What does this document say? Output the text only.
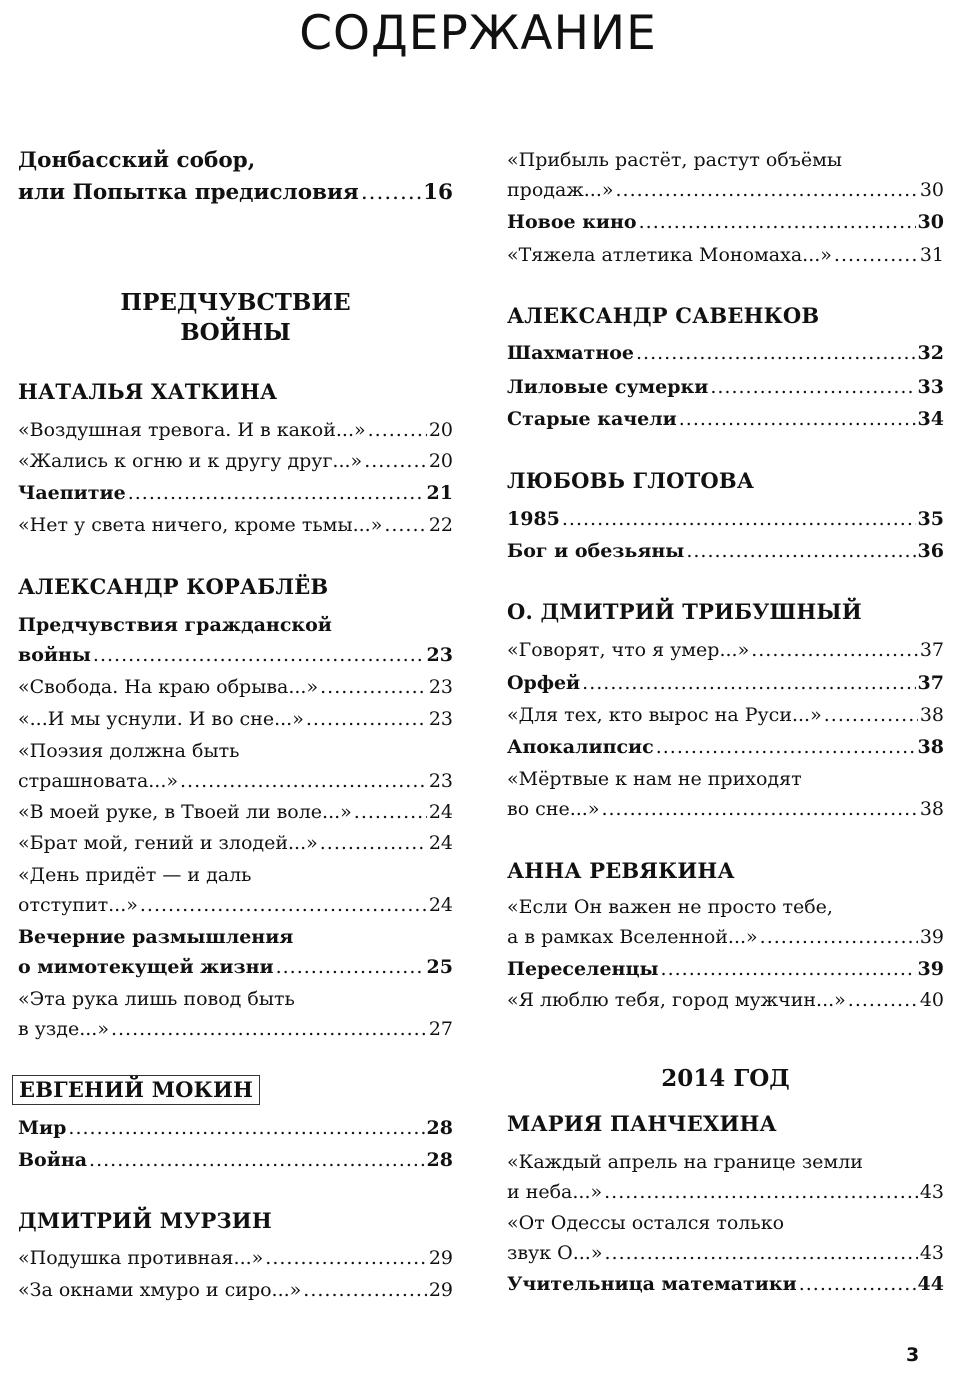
СОДЕРЖАНИЕ
Донбасский собор,
или Попытка предисловия .....	16
ПРЕДЧУВСТВИЕ
ВОЙНЫ
НАТАЛЬЯ ХАТКИНА
«Воздушная тревога. И в какой...» .....	20
«Жались к огню и к другу друг...» .....	20
Чаепитие .....	21
«Нет у света ничего, кроме тьмы...» ..... 22
АЛЕКСАНДР КОРАБЛЁВ
Предчувствия гражданской
войны .....	23
«Свобода. На краю обрыва...» .....	23
«...И мы уснули. И во сне...» .....	23
«Поэзия должна быть
страшновата...» .....	23
«В моей руке, в Твоей ли воле...» .....	24
«Брат мой, гений и злодей...» .....	24
«День придёт — и даль
отступит...» .....	24
Вечерние размышления
о мимотекущей жизни .....	25
«Эта рука лишь повод быть
в узде...» .....	27
ЕВГЕНИЙ МОКИН
Мир .....	28
Война .....	28
ДМИТРИЙ МУРЗИН
«Подушка противная...» .....	29
«За окнами хмуро и сиро...» .....	29
«Прибыль растёт, растут объёмы
продаж...» .....	30
Новое кино .....	30
«Тяжела атлетика Мономаха...» .....	31
АЛЕКСАНДР САВЕНКОВ
Шахматное .....	32
Лиловые сумерки .....	33
Старые качели .....	34
ЛЮБОВЬ ГЛОТОВА
1985 .....	35
Бог и обезьяны .....	36
О. ДМИТРИЙ ТРИБУШНЫЙ
«Говорят, что я умер...» .....	37
Орфей .....	37
«Для тех, кто вырос на Руси...» .....	38
Апокалипсис .....	38
«Мёртвые к нам не приходят
во сне...» .....	38
АННА РЕВЯКИНА
«Если Он важен не просто тебе,
а в рамках Вселенной...» .....	39
Переселенцы .....	39
«Я люблю тебя, город мужчин...» .....	40
2014 ГОД
МАРИЯ ПАНЧЕХИНА
«Каждый апрель на границе земли
и неба...» .....	43
«От Одессы остался только
звук О...» .....	43
Учительница математики .....	44
3
